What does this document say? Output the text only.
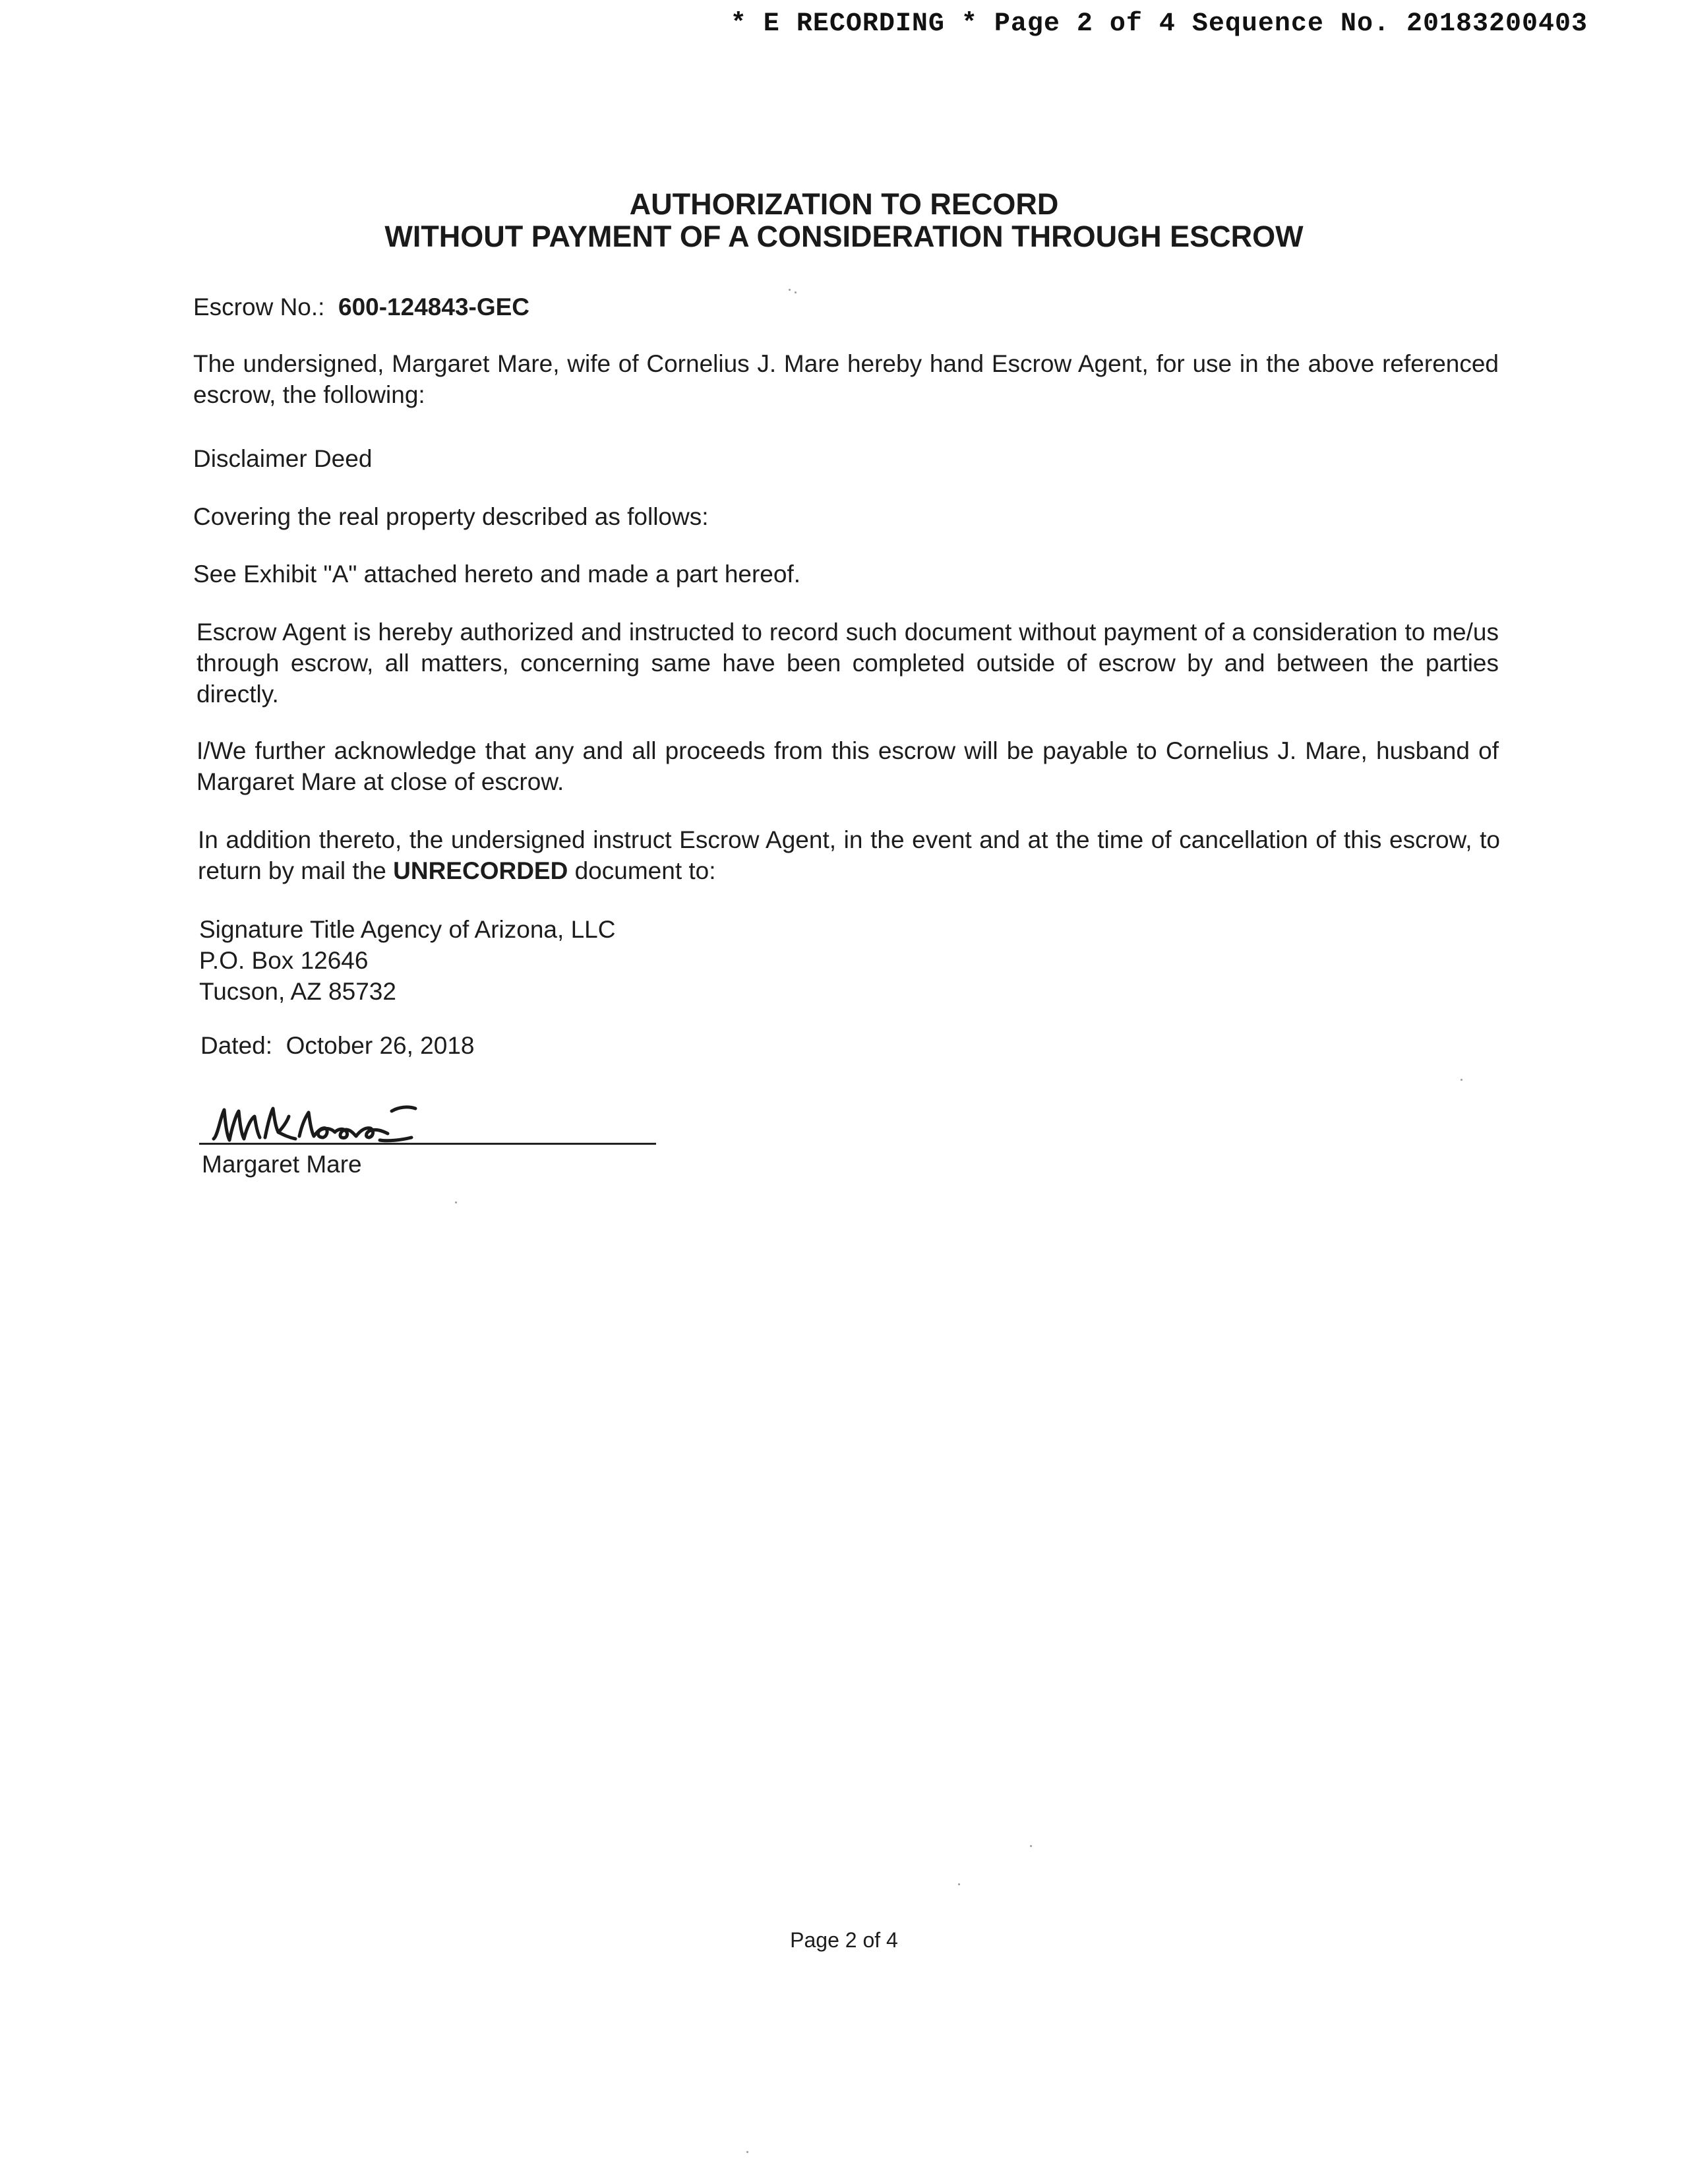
* E RECORDING * Page 2 of 4 Sequence No. 20183200403
AUTHORIZATION TO RECORD
WITHOUT PAYMENT OF A CONSIDERATION THROUGH ESCROW
Escrow No.: 600-124843-GEC
The undersigned, Margaret Mare, wife of Cornelius J. Mare hereby hand Escrow Agent, for use in the above referenced escrow, the following:
Disclaimer Deed
Covering the real property described as follows:
See Exhibit "A" attached hereto and made a part hereof.
Escrow Agent is hereby authorized and instructed to record such document without payment of a consideration to me/us through escrow, all matters, concerning same have been completed outside of escrow by and between the parties directly.
I/We further acknowledge that any and all proceeds from this escrow will be payable to Cornelius J. Mare, husband of Margaret Mare at close of escrow.
In addition thereto, the undersigned instruct Escrow Agent, in the event and at the time of cancellation of this escrow, to return by mail the UNRECORDED document to:
Signature Title Agency of Arizona, LLC
P.O. Box 12646
Tucson, AZ 85732
Dated: October 26, 2018
Margaret Mare
Page 2 of 4
